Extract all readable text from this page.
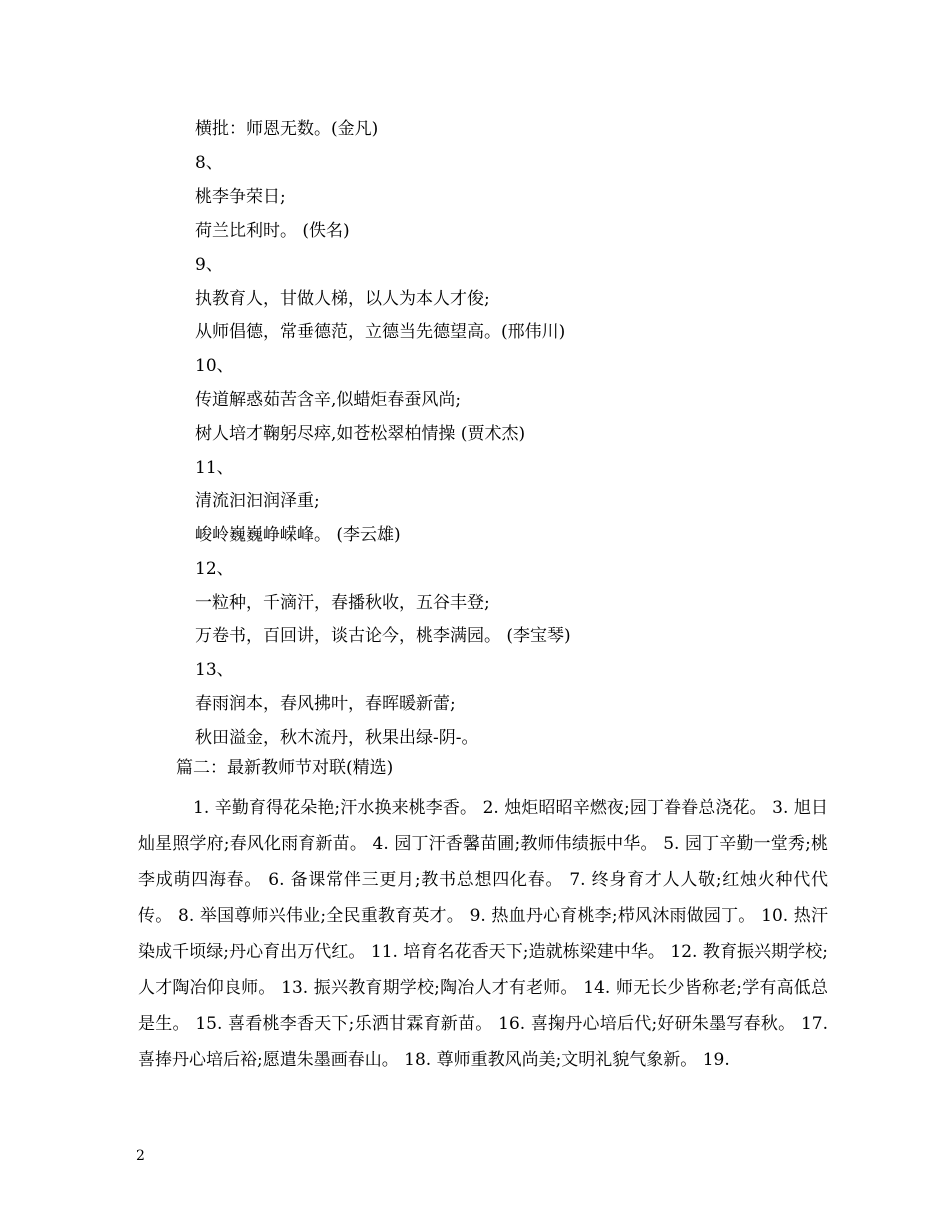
横批：师恩无数。(金凡)
8、
桃李争荣日;
荷兰比利时。 (佚名)
9、
执教育人，甘做人梯，以人为本人才俊;
从师倡德，常垂德范，立德当先德望高。(邢伟川)
10、
传道解惑茹苦含辛,似蜡炬春蚕风尚;
树人培才鞠躬尽瘁,如苍松翠柏情操 (贾术杰)
11、
清流汩汩润泽重;
峻岭巍巍峥嵘峰。 (李云雄)
12、
一粒种，千滴汗，春播秋收，五谷丰登;
万卷书，百回讲，谈古论今，桃李满园。 (李宝琴)
13、
春雨润本，春风拂叶，春晖暖新蕾;
秋田溢金，秋木流丹，秋果出绿-阴-。
篇二：最新教师节对联(精选)
1. 辛勤育得花朵艳;汗水换来桃李香。 2. 烛炬昭昭辛燃夜;园丁眷眷总浇花。 3. 旭日灿星照学府;春风化雨育新苗。 4. 园丁汗香馨苗圃;教师伟绩振中华。 5. 园丁辛勤一堂秀;桃李成萌四海春。 6. 备课常伴三更月;教书总想四化春。 7. 终身育才人人敬;红烛火种代代传。 8. 举国尊师兴伟业;全民重教育英才。 9. 热血丹心育桃李;栉风沐雨做园丁。 10. 热汗染成千顷绿;丹心育出万代红。 11. 培育名花香天下;造就栋梁建中华。 12. 教育振兴期学校;人才陶冶仰良师。 13. 振兴教育期学校;陶冶人才有老师。 14. 师无长少皆称老;学有高低总是生。 15. 喜看桃李香天下;乐洒甘霖育新苗。 16. 喜掬丹心培后代;好研朱墨写春秋。 17. 喜捧丹心培后裕;愿遣朱墨画春山。 18. 尊师重教风尚美;文明礼貌气象新。 19.
2
